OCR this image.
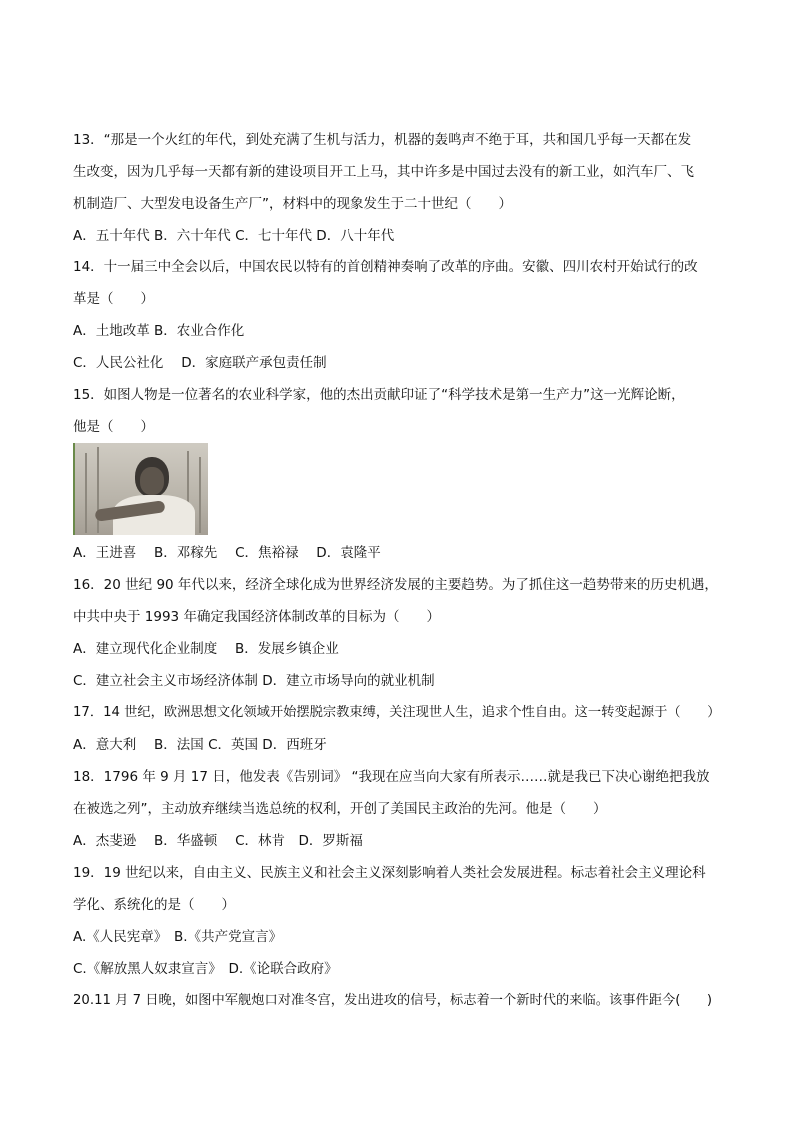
13．“那是一个火红的年代，到处充满了生机与活力，机器的轰鸣声不绝于耳，共和国几乎每一天都在发
生改变，因为几乎每一天都有新的建设项目开工上马，其中许多是中国过去没有的新工业，如汽车厂、飞
机制造厂、大型发电设备生产厂”，材料中的现象发生于二十世纪（　　）
A．五十年代 B．六十年代 C．七十年代 D．八十年代
14．十一届三中全会以后，中国农民以特有的首创精神奏响了改革的序曲。安徽、四川农村开始试行的改
革是（　　）
A．土地改革 B．农业合作化
C．人民公社化　 D．家庭联产承包责任制
15．如图人物是一位著名的农业科学家，他的杰出贡献印证了“科学技术是第一生产力”这一光辉论断，
他是（　　）
A．王进喜　 B．邓稼先　 C．焦裕禄　 D．袁隆平
16．20 世纪 90 年代以来，经济全球化成为世界经济发展的主要趋势。为了抓住这一趋势带来的历史机遇，
中共中央于 1993 年确定我国经济体制改革的目标为（　　）
A．建立现代化企业制度　 B．发展乡镇企业
C．建立社会主义市场经济体制 D．建立市场导向的就业机制
17．14 世纪，欧洲思想文化领域开始摆脱宗教束缚，关注现世人生，追求个性自由。这一转变起源于（　　）
A．意大利　 B．法国 C．英国 D．西班牙
18．1796 年 9 月 17 日，他发表《告别词》 “我现在应当向大家有所表示……就是我已下决心谢绝把我放
在被选之列”，主动放弃继续当选总统的权利，开创了美国民主政治的先河。他是（　　）
A．杰斐逊　 B．华盛顿　 C．林肯　D．罗斯福
19．19 世纪以来，自由主义、民族主义和社会主义深刻影响着人类社会发展进程。标志着社会主义理论科
学化、系统化的是（　　）
A.《人民宪章》　B.《共产党宣言》
C.《解放黑人奴隶宣言》　D.《论联合政府》
20.11 月 7 日晚，如图中军舰炮口对准冬宫，发出进攻的信号，标志着一个新时代的来临。该事件距今(　　)
